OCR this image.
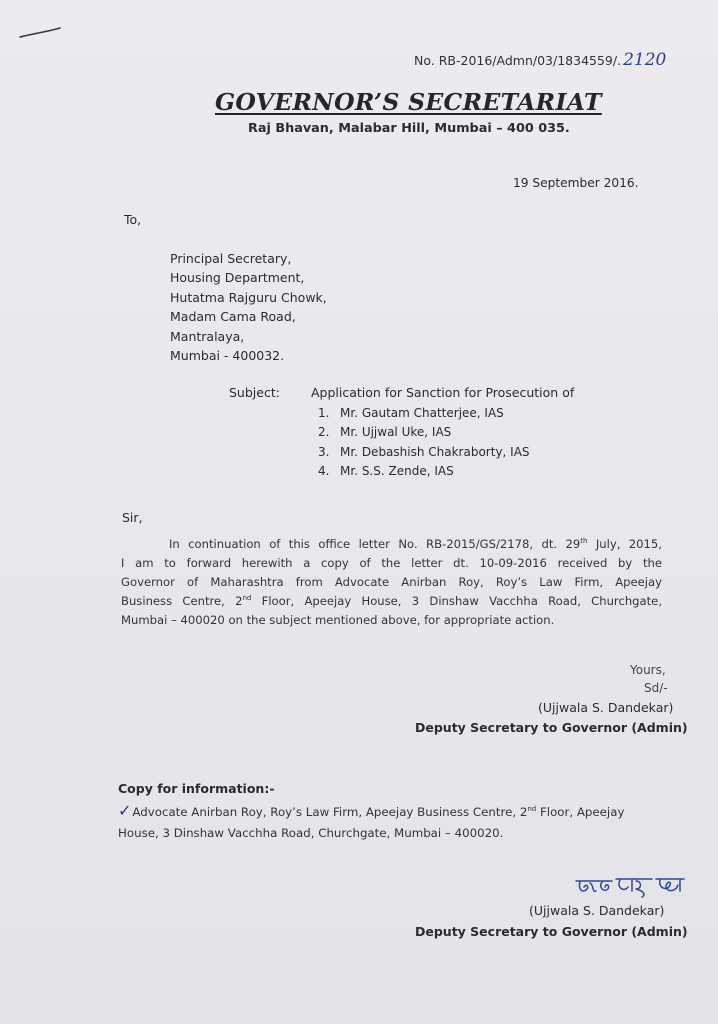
No. RB-2016/Admn/03/1834559/. 2120
GOVERNOR’S SECRETARIAT
Raj Bhavan, Malabar Hill, Mumbai – 400 035.
19 September 2016.
To,
Principal Secretary,
Housing Department,
Hutatma Rajguru Chowk,
Madam Cama Road,
Mantralaya,
Mumbai - 400032.
Subject: Application for Sanction for Prosecution of
1. Mr. Gautam Chatterjee, IAS
2. Mr. Ujjwal Uke, IAS
3. Mr. Debashish Chakraborty, IAS
4. Mr. S.S. Zende, IAS
Sir,
In continuation of this office letter No. RB-2015/GS/2178, dt. 29th July, 2015,
I am to forward herewith a copy of the letter dt. 10-09-2016 received by the
Governor of Maharashtra from Advocate Anirban Roy, Roy’s Law Firm, Apeejay
Business Centre, 2nd Floor, Apeejay House, 3 Dinshaw Vacchha Road, Churchgate,
Mumbai – 400020 on the subject mentioned above, for appropriate action.
Yours,
Sd/-
(Ujjwala S. Dandekar)
Deputy Secretary to Governor (Admin)
Copy for information:-
✓Advocate Anirban Roy, Roy’s Law Firm, Apeejay Business Centre, 2nd Floor, Apeejay
House, 3 Dinshaw Vacchha Road, Churchgate, Mumbai – 400020.
(Ujjwala S. Dandekar)
Deputy Secretary to Governor (Admin)
